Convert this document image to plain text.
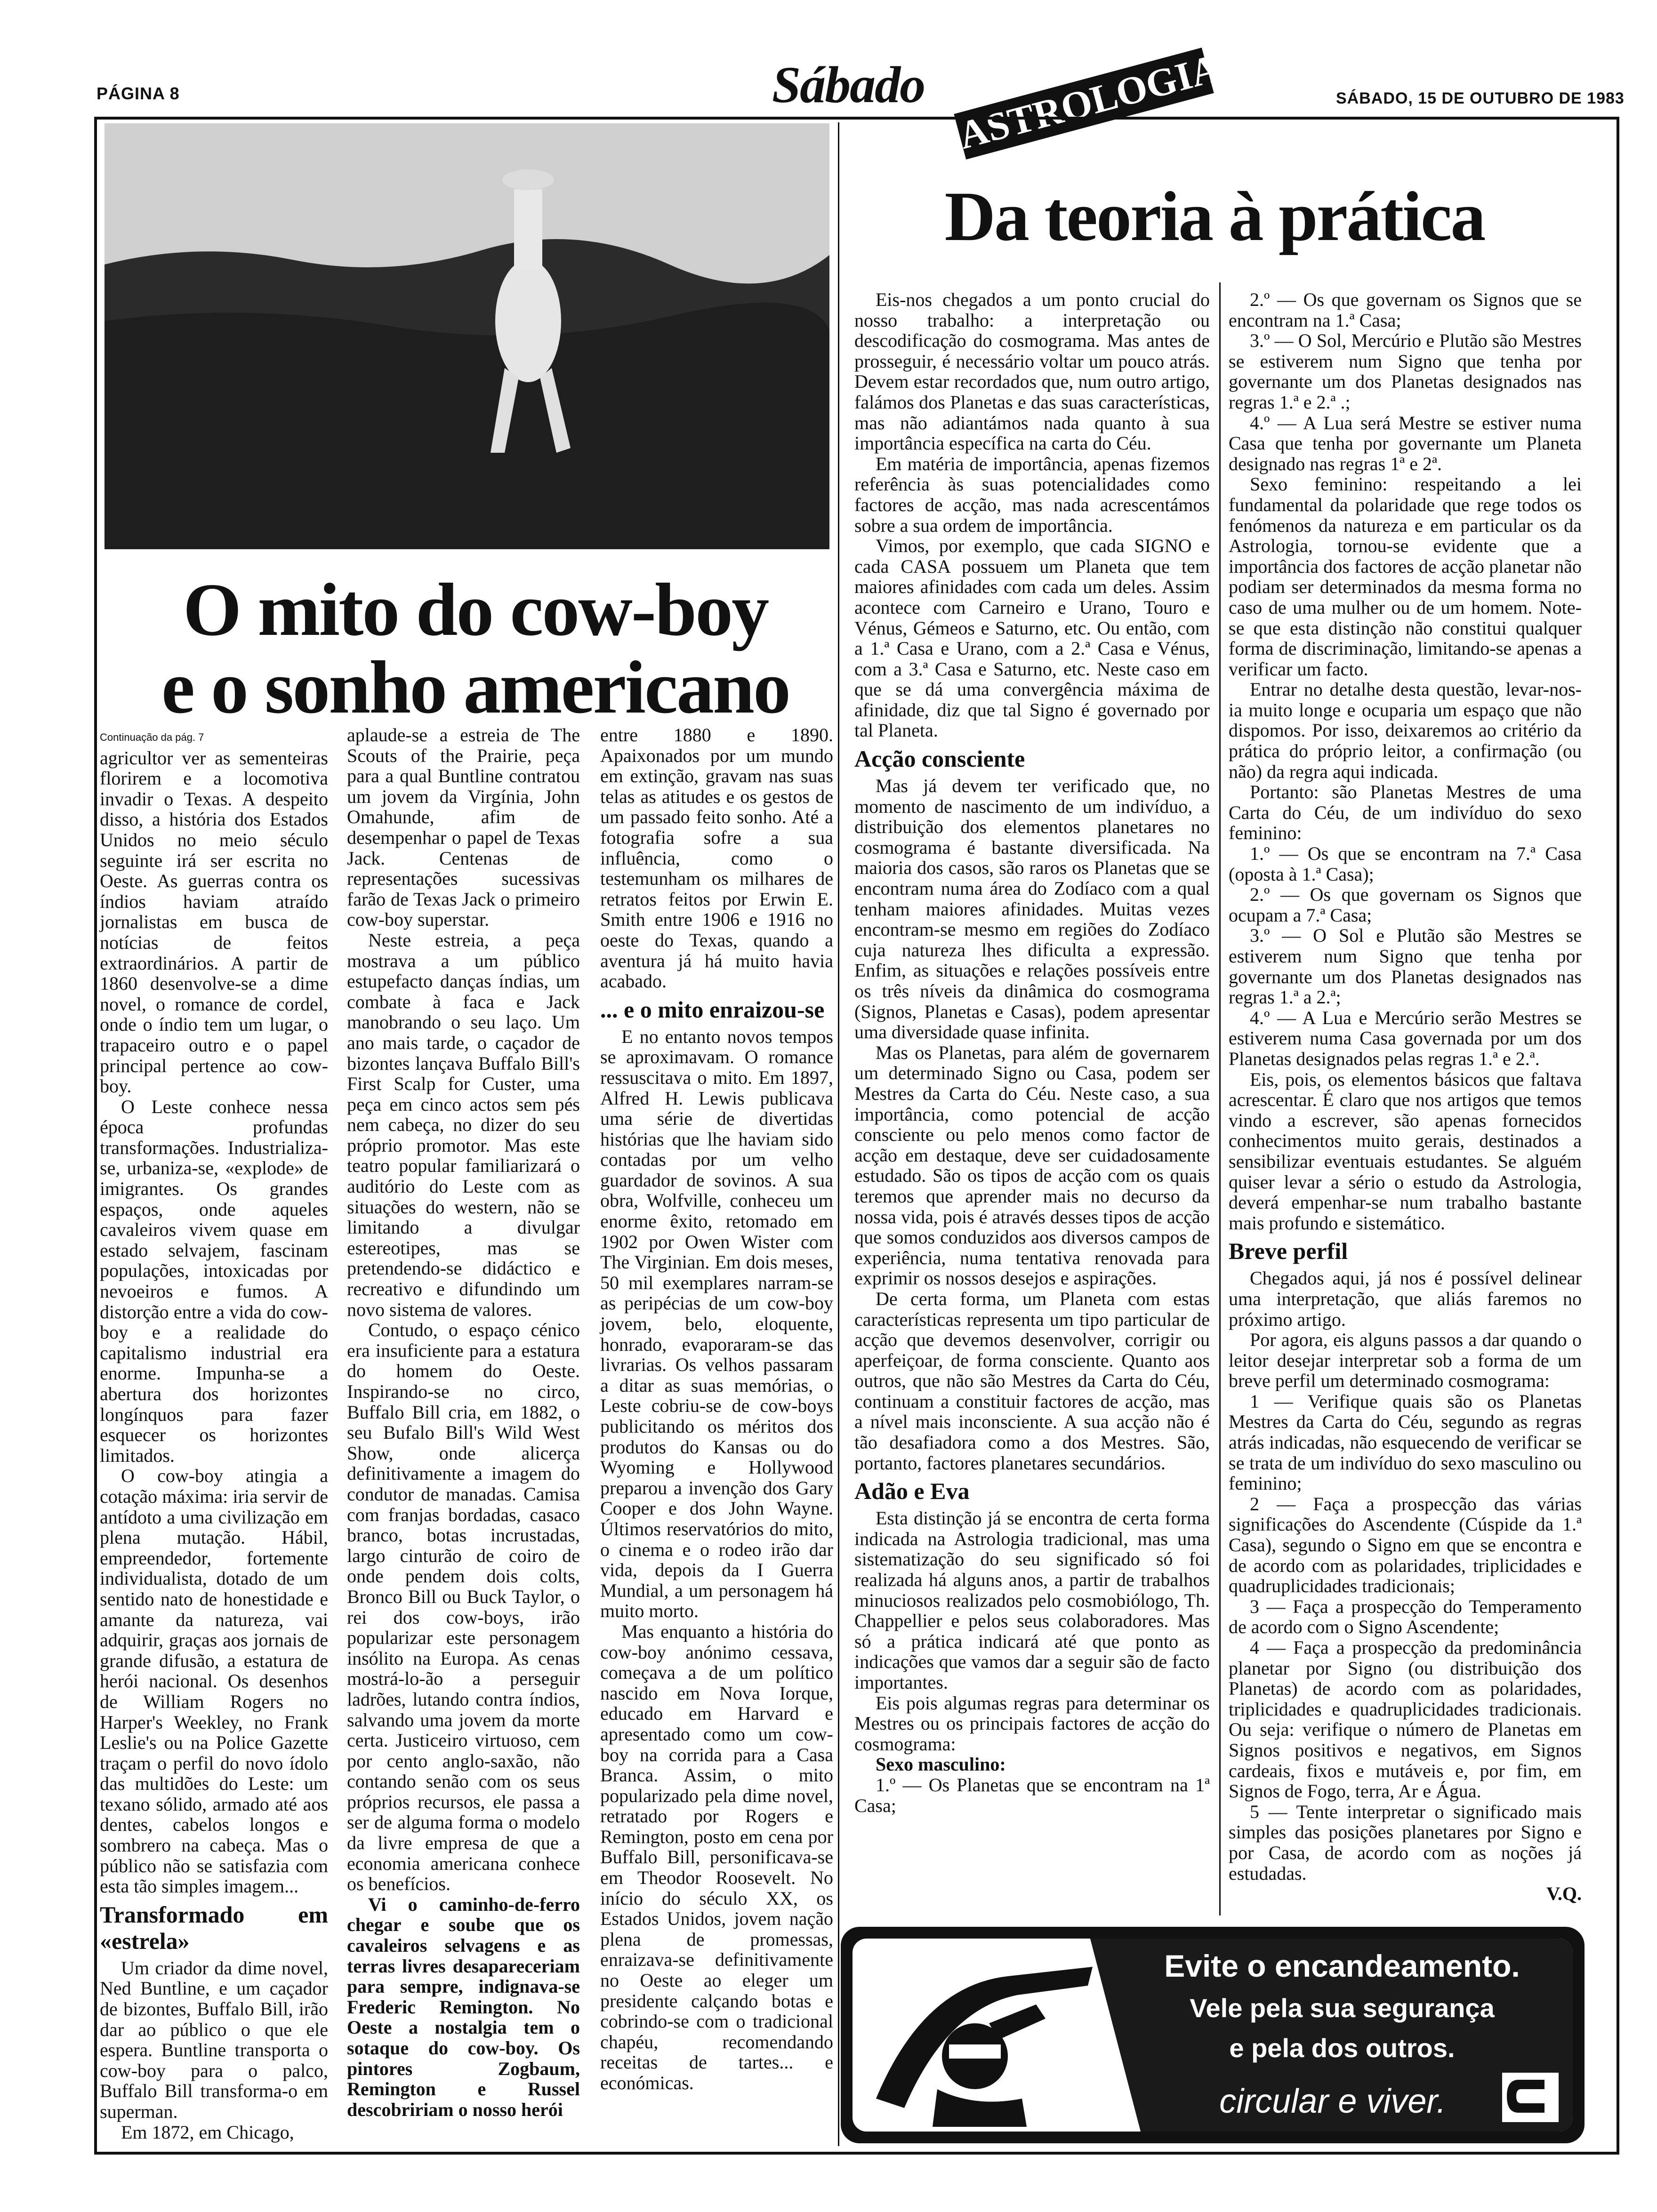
PÁGINA 8	Sábado	SÁBADO, 15 DE OUTUBRO DE 1983
ASTROLOGIA
O mito do cow-boy
e o sonho americano
Continuação da pág. 7

agricultor ver as sementeiras florirem e a locomotiva invadir o Texas. A despeito disso, a história dos Estados Unidos no meio século seguinte irá ser escrita no Oeste. As guerras contra os índios haviam atraído jornalistas em busca de notícias de feitos extraordinários. A partir de 1860 desenvolve-se a dime novel, o romance de cordel, onde o índio tem um lugar, o trapaceiro outro e o papel principal pertence ao cow-boy.

O Leste conhece nessa época profundas transformações. Industrializa-se, urbaniza-se, «explode» de imigrantes. Os grandes espaços, onde aqueles cavaleiros vivem quase em estado selvajem, fascinam populações, intoxicadas por nevoeiros e fumos. A distorção entre a vida do cow-boy e a realidade do capitalismo industrial era enorme. Impunha-se a abertura dos horizontes longínquos para fazer esquecer os horizontes limitados.

O cow-boy atingia a cotação máxima: iria servir de antídoto a uma civilização em plena mutação. Hábil, empreendedor, fortemente individualista, dotado de um sentido nato de honestidade e amante da natureza, vai adquirir, graças aos jornais de grande difusão, a estatura de herói nacional. Os desenhos de William Rogers no Harper's Weekley, no Frank Leslie's ou na Police Gazette traçam o perfil do novo ídolo das multidões do Leste: um texano sólido, armado até aos dentes, cabelos longos e sombrero na cabeça. Mas o público não se satisfazia com esta tão simples imagem...

Transformado em «estrela»

Um criador da dime novel, Ned Buntline, e um caçador de bizontes, Buffalo Bill, irão dar ao público o que ele espera. Buntline transporta o cow-boy para o palco, Buffalo Bill transforma-o em superman.

Em 1872, em Chicago,

aplaude-se a estreia de The Scouts of the Prairie, peça para a qual Buntline contratou um jovem da Virgínia, John Omahunde, afim de desempenhar o papel de Texas Jack. Centenas de representações sucessivas farão de Texas Jack o primeiro cow-boy superstar.

Neste estreia, a peça mostrava a um público estupefacto danças índias, um combate à faca e Jack manobrando o seu laço. Um ano mais tarde, o caçador de bizontes lançava Buffalo Bill's First Scalp for Custer, uma peça em cinco actos sem pés nem cabeça, no dizer do seu próprio promotor. Mas este teatro popular familiarizará o auditório do Leste com as situações do western, não se limitando a divulgar estereotipes, mas se pretendendo-se didáctico e recreativo e difundindo um novo sistema de valores.

Contudo, o espaço cénico era insuficiente para a estatura do homem do Oeste. Inspirando-se no circo, Buffalo Bill cria, em 1882, o seu Bufalo Bill's Wild West Show, onde alicerça definitivamente a imagem do condutor de manadas. Camisa com franjas bordadas, casaco branco, botas incrustadas, largo cinturão de coiro de onde pendem dois colts, Bronco Bill ou Buck Taylor, o rei dos cow-boys, irão popularizar este personagem insólito na Europa. As cenas mostrá-lo-ão a perseguir ladrões, lutando contra índios, salvando uma jovem da morte certa. Justiceiro virtuoso, cem por cento anglo-saxão, não contando senão com os seus próprios recursos, ele passa a ser de alguma forma o modelo da livre empresa de que a economia americana conhece os benefícios.

Vi o caminho-de-ferro chegar e soube que os cavaleiros selvagens e as terras livres desapareceriam para sempre, indignava-se Frederic Remington. No Oeste a nostalgia tem o sotaque do cow-boy. Os pintores Zogbaum, Remington e Russel descobririam o nosso herói

entre 1880 e 1890. Apaixonados por um mundo em extinção, gravam nas suas telas as atitudes e os gestos de um passado feito sonho. Até a fotografia sofre a sua influência, como o testemunham os milhares de retratos feitos por Erwin E. Smith entre 1906 e 1916 no oeste do Texas, quando a aventura já há muito havia acabado.

... e o mito enraizou-se

E no entanto novos tempos se aproximavam. O romance ressuscitava o mito. Em 1897, Alfred H. Lewis publicava uma série de divertidas histórias que lhe haviam sido contadas por um velho guardador de sovinos. A sua obra, Wolfville, conheceu um enorme êxito, retomado em 1902 por Owen Wister com The Virginian. Em dois meses, 50 mil exemplares narram-se as peripécias de um cow-boy jovem, belo, eloquente, honrado, evaporaram-se das livrarias. Os velhos passaram a ditar as suas memórias, o Leste cobriu-se de cow-boys publicitando os méritos dos produtos do Kansas ou do Wyoming e Hollywood preparou a invenção dos Gary Cooper e dos John Wayne. Últimos reservatórios do mito, o cinema e o rodeo irão dar vida, depois da I Guerra Mundial, a um personagem há muito morto.

Mas enquanto a história do cow-boy anónimo cessava, começava a de um político nascido em Nova Iorque, educado em Harvard e apresentado como um cow-boy na corrida para a Casa Branca. Assim, o mito popularizado pela dime novel, retratado por Rogers e Remington, posto em cena por Buffalo Bill, personificava-se em Theodor Roosevelt. No início do século XX, os Estados Unidos, jovem nação plena de promessas, enraizava-se definitivamente no Oeste ao eleger um presidente calçando botas e cobrindo-se com o tradicional chapéu, recomendando receitas de tartes... e económicas.

Da teoria à prática

Eis-nos chegados a um ponto crucial do nosso trabalho: a interpretação ou descodificação do cosmograma. Mas antes de prosseguir, é necessário voltar um pouco atrás. Devem estar recordados que, num outro artigo, falámos dos Planetas e das suas características, mas não adiantámos nada quanto à sua importância específica na carta do Céu.

Em matéria de importância, apenas fizemos referência às suas potencialidades como factores de acção, mas nada acrescentámos sobre a sua ordem de importância.

Vimos, por exemplo, que cada SIGNO e cada CASA possuem um Planeta que tem maiores afinidades com cada um deles. Assim acontece com Carneiro e Urano, Touro e Vénus, Gémeos e Saturno, etc. Ou então, com a 1.ª Casa e Urano, com a 2.ª Casa e Vénus, com a 3.ª Casa e Saturno, etc. Neste caso em que se dá uma convergência máxima de afinidade, diz que tal Signo é governado por tal Planeta.

Acção consciente

Mas já devem ter verificado que, no momento de nascimento de um indivíduo, a distribuição dos elementos planetares no cosmograma é bastante diversificada. Na maioria dos casos, são raros os Planetas que se encontram numa área do Zodíaco com a qual tenham maiores afinidades. Muitas vezes encontram-se mesmo em regiões do Zodíaco cuja natureza lhes dificulta a expressão. Enfim, as situações e relações possíveis entre os três níveis da dinâmica do cosmograma (Signos, Planetas e Casas), podem apresentar uma diversidade quase infinita.

Mas os Planetas, para além de governarem um determinado Signo ou Casa, podem ser Mestres da Carta do Céu. Neste caso, a sua importância, como potencial de acção consciente ou pelo menos como factor de acção em destaque, deve ser cuidadosamente estudado. São os tipos de acção com os quais teremos que aprender mais no decurso da nossa vida, pois é através desses tipos de acção que somos conduzidos aos diversos campos de experiência, numa tentativa renovada para exprimir os nossos desejos e aspirações.

De certa forma, um Planeta com estas características representa um tipo particular de acção que devemos desenvolver, corrigir ou aperfeiçoar, de forma consciente. Quanto aos outros, que não são Mestres da Carta do Céu, continuam a constituir factores de acção, mas a nível mais inconsciente. A sua acção não é tão desafiadora como a dos Mestres. São, portanto, factores planetares secundários.

Adão e Eva

Esta distinção já se encontra de certa forma indicada na Astrologia tradicional, mas uma sistematização do seu significado só foi realizada há alguns anos, a partir de trabalhos minuciosos realizados pelo cosmobiólogo, Th. Chappellier e pelos seus colaboradores. Mas só a prática indicará até que ponto as indicações que vamos dar a seguir são de facto importantes.

Eis pois algumas regras para determinar os Mestres ou os principais factores de acção do cosmograma:

Sexo masculino:

1.º — Os Planetas que se encontram na 1ª Casa;

2.º — Os que governam os Signos que se encontram na 1.ª Casa;

3.º — O Sol, Mercúrio e Plutão são Mestres se estiverem num Signo que tenha por governante um dos Planetas designados nas regras 1.ª e 2.ª .;

4.º — A Lua será Mestre se estiver numa Casa que tenha por governante um Planeta designado nas regras 1ª e 2ª.

Sexo feminino: respeitando a lei fundamental da polaridade que rege todos os fenómenos da natureza e em particular os da Astrologia, tornou-se evidente que a importância dos factores de acção planetar não podiam ser determinados da mesma forma no caso de uma mulher ou de um homem. Note-se que esta distinção não constitui qualquer forma de discriminação, limitando-se apenas a verificar um facto.

Entrar no detalhe desta questão, levar-nos-ia muito longe e ocuparia um espaço que não dispomos. Por isso, deixaremos ao critério da prática do próprio leitor, a confirmação (ou não) da regra aqui indicada.

Portanto: são Planetas Mestres de uma Carta do Céu, de um indivíduo do sexo feminino:

1.º — Os que se encontram na 7.ª Casa (oposta à 1.ª Casa);

2.º — Os que governam os Signos que ocupam a 7.ª Casa;

3.º — O Sol e Plutão são Mestres se estiverem num Signo que tenha por governante um dos Planetas designados nas regras 1.ª a 2.ª;

4.º — A Lua e Mercúrio serão Mestres se estiverem numa Casa governada por um dos Planetas designados pelas regras 1.ª e 2.ª.

Eis, pois, os elementos básicos que faltava acrescentar. É claro que nos artigos que temos vindo a escrever, são apenas fornecidos conhecimentos muito gerais, destinados a sensibilizar eventuais estudantes. Se alguém quiser levar a sério o estudo da Astrologia, deverá empenhar-se num trabalho bastante mais profundo e sistemático.

Breve perfil

Chegados aqui, já nos é possível delinear uma interpretação, que aliás faremos no próximo artigo.

Por agora, eis alguns passos a dar quando o leitor desejar interpretar sob a forma de um breve perfil um determinado cosmograma:

1 — Verifique quais são os Planetas Mestres da Carta do Céu, segundo as regras atrás indicadas, não esquecendo de verificar se se trata de um indivíduo do sexo masculino ou feminino;

2 — Faça a prospecção das várias significações do Ascendente (Cúspide da 1.ª Casa), segundo o Signo em que se encontra e de acordo com as polaridades, triplicidades e quadruplicidades tradicionais;

3 — Faça a prospecção do Temperamento de acordo com o Signo Ascendente;

4 — Faça a prospecção da predominância planetar por Signo (ou distribuição dos Planetas) de acordo com as polaridades, triplicidades e quadruplicidades tradicionais. Ou seja: verifique o número de Planetas em Signos positivos e negativos, em Signos cardeais, fixos e mutáveis e, por fim, em Signos de Fogo, terra, Ar e Água.

5 — Tente interpretar o significado mais simples das posições planetares por Signo e por Casa, de acordo com as noções já estudadas.

V.Q.

Evite o encandeamento.
Vele pela sua segurança
e pela dos outros.
circular e viver.
